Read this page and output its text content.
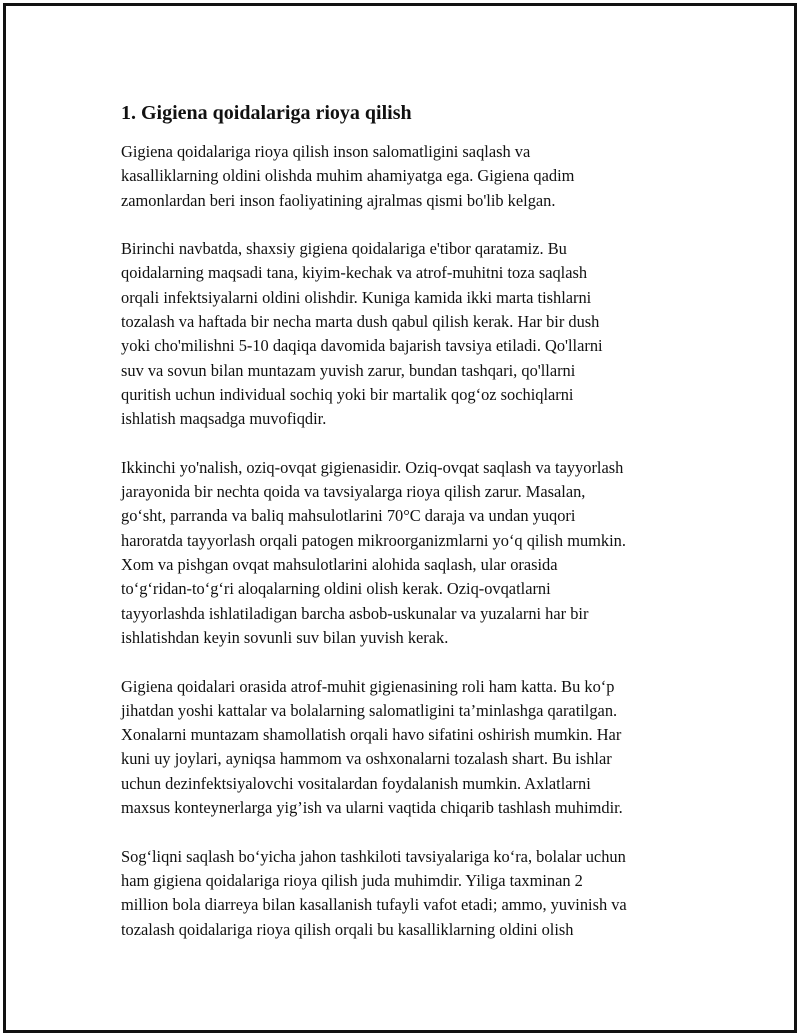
1. Gigiena qoidalariga rioya qilish
Gigiena qoidalariga rioya qilish inson salomatligini saqlash va
kasalliklarning oldini olishda muhim ahamiyatga ega. Gigiena qadim
zamonlardan beri inson faoliyatining ajralmas qismi bo'lib kelgan.
Birinchi navbatda, shaxsiy gigiena qoidalariga e'tibor qaratamiz. Bu
qoidalarning maqsadi tana, kiyim-kechak va atrof-muhitni toza saqlash
orqali infektsiyalarni oldini olishdir. Kuniga kamida ikki marta tishlarni
tozalash va haftada bir necha marta dush qabul qilish kerak. Har bir dush
yoki cho'milishni 5-10 daqiqa davomida bajarish tavsiya etiladi. Qo'llarni
suv va sovun bilan muntazam yuvish zarur, bundan tashqari, qo'llarni
quritish uchun individual sochiq yoki bir martalik qog‘oz sochiqlarni
ishlatish maqsadga muvofiqdir.
Ikkinchi yo'nalish, oziq-ovqat gigienasidir. Oziq-ovqat saqlash va tayyorlash
jarayonida bir nechta qoida va tavsiyalarga rioya qilish zarur. Masalan,
go‘sht, parranda va baliq mahsulotlarini 70°C daraja va undan yuqori
haroratda tayyorlash orqali patogen mikroorganizmlarni yo‘q qilish mumkin.
Xom va pishgan ovqat mahsulotlarini alohida saqlash, ular orasida
to‘g‘ridan-to‘g‘ri aloqalarning oldini olish kerak. Oziq-ovqatlarni
tayyorlashda ishlatiladigan barcha asbob-uskunalar va yuzalarni har bir
ishlatishdan keyin sovunli suv bilan yuvish kerak.
Gigiena qoidalari orasida atrof-muhit gigienasining roli ham katta. Bu ko‘p
jihatdan yoshi kattalar va bolalarning salomatligini ta’minlashga qaratilgan.
Xonalarni muntazam shamollatish orqali havo sifatini oshirish mumkin. Har
kuni uy joylari, ayniqsa hammom va oshxonalarni tozalash shart. Bu ishlar
uchun dezinfektsiyalovchi vositalardan foydalanish mumkin. Axlatlarni
maxsus konteynerlarga yig’ish va ularni vaqtida chiqarib tashlash muhimdir.
Sog‘liqni saqlash bo‘yicha jahon tashkiloti tavsiyalariga ko‘ra, bolalar uchun
ham gigiena qoidalariga rioya qilish juda muhimdir. Yiliga taxminan 2
million bola diarreya bilan kasallanish tufayli vafot etadi; ammo, yuvinish va
tozalash qoidalariga rioya qilish orqali bu kasalliklarning oldini olish
